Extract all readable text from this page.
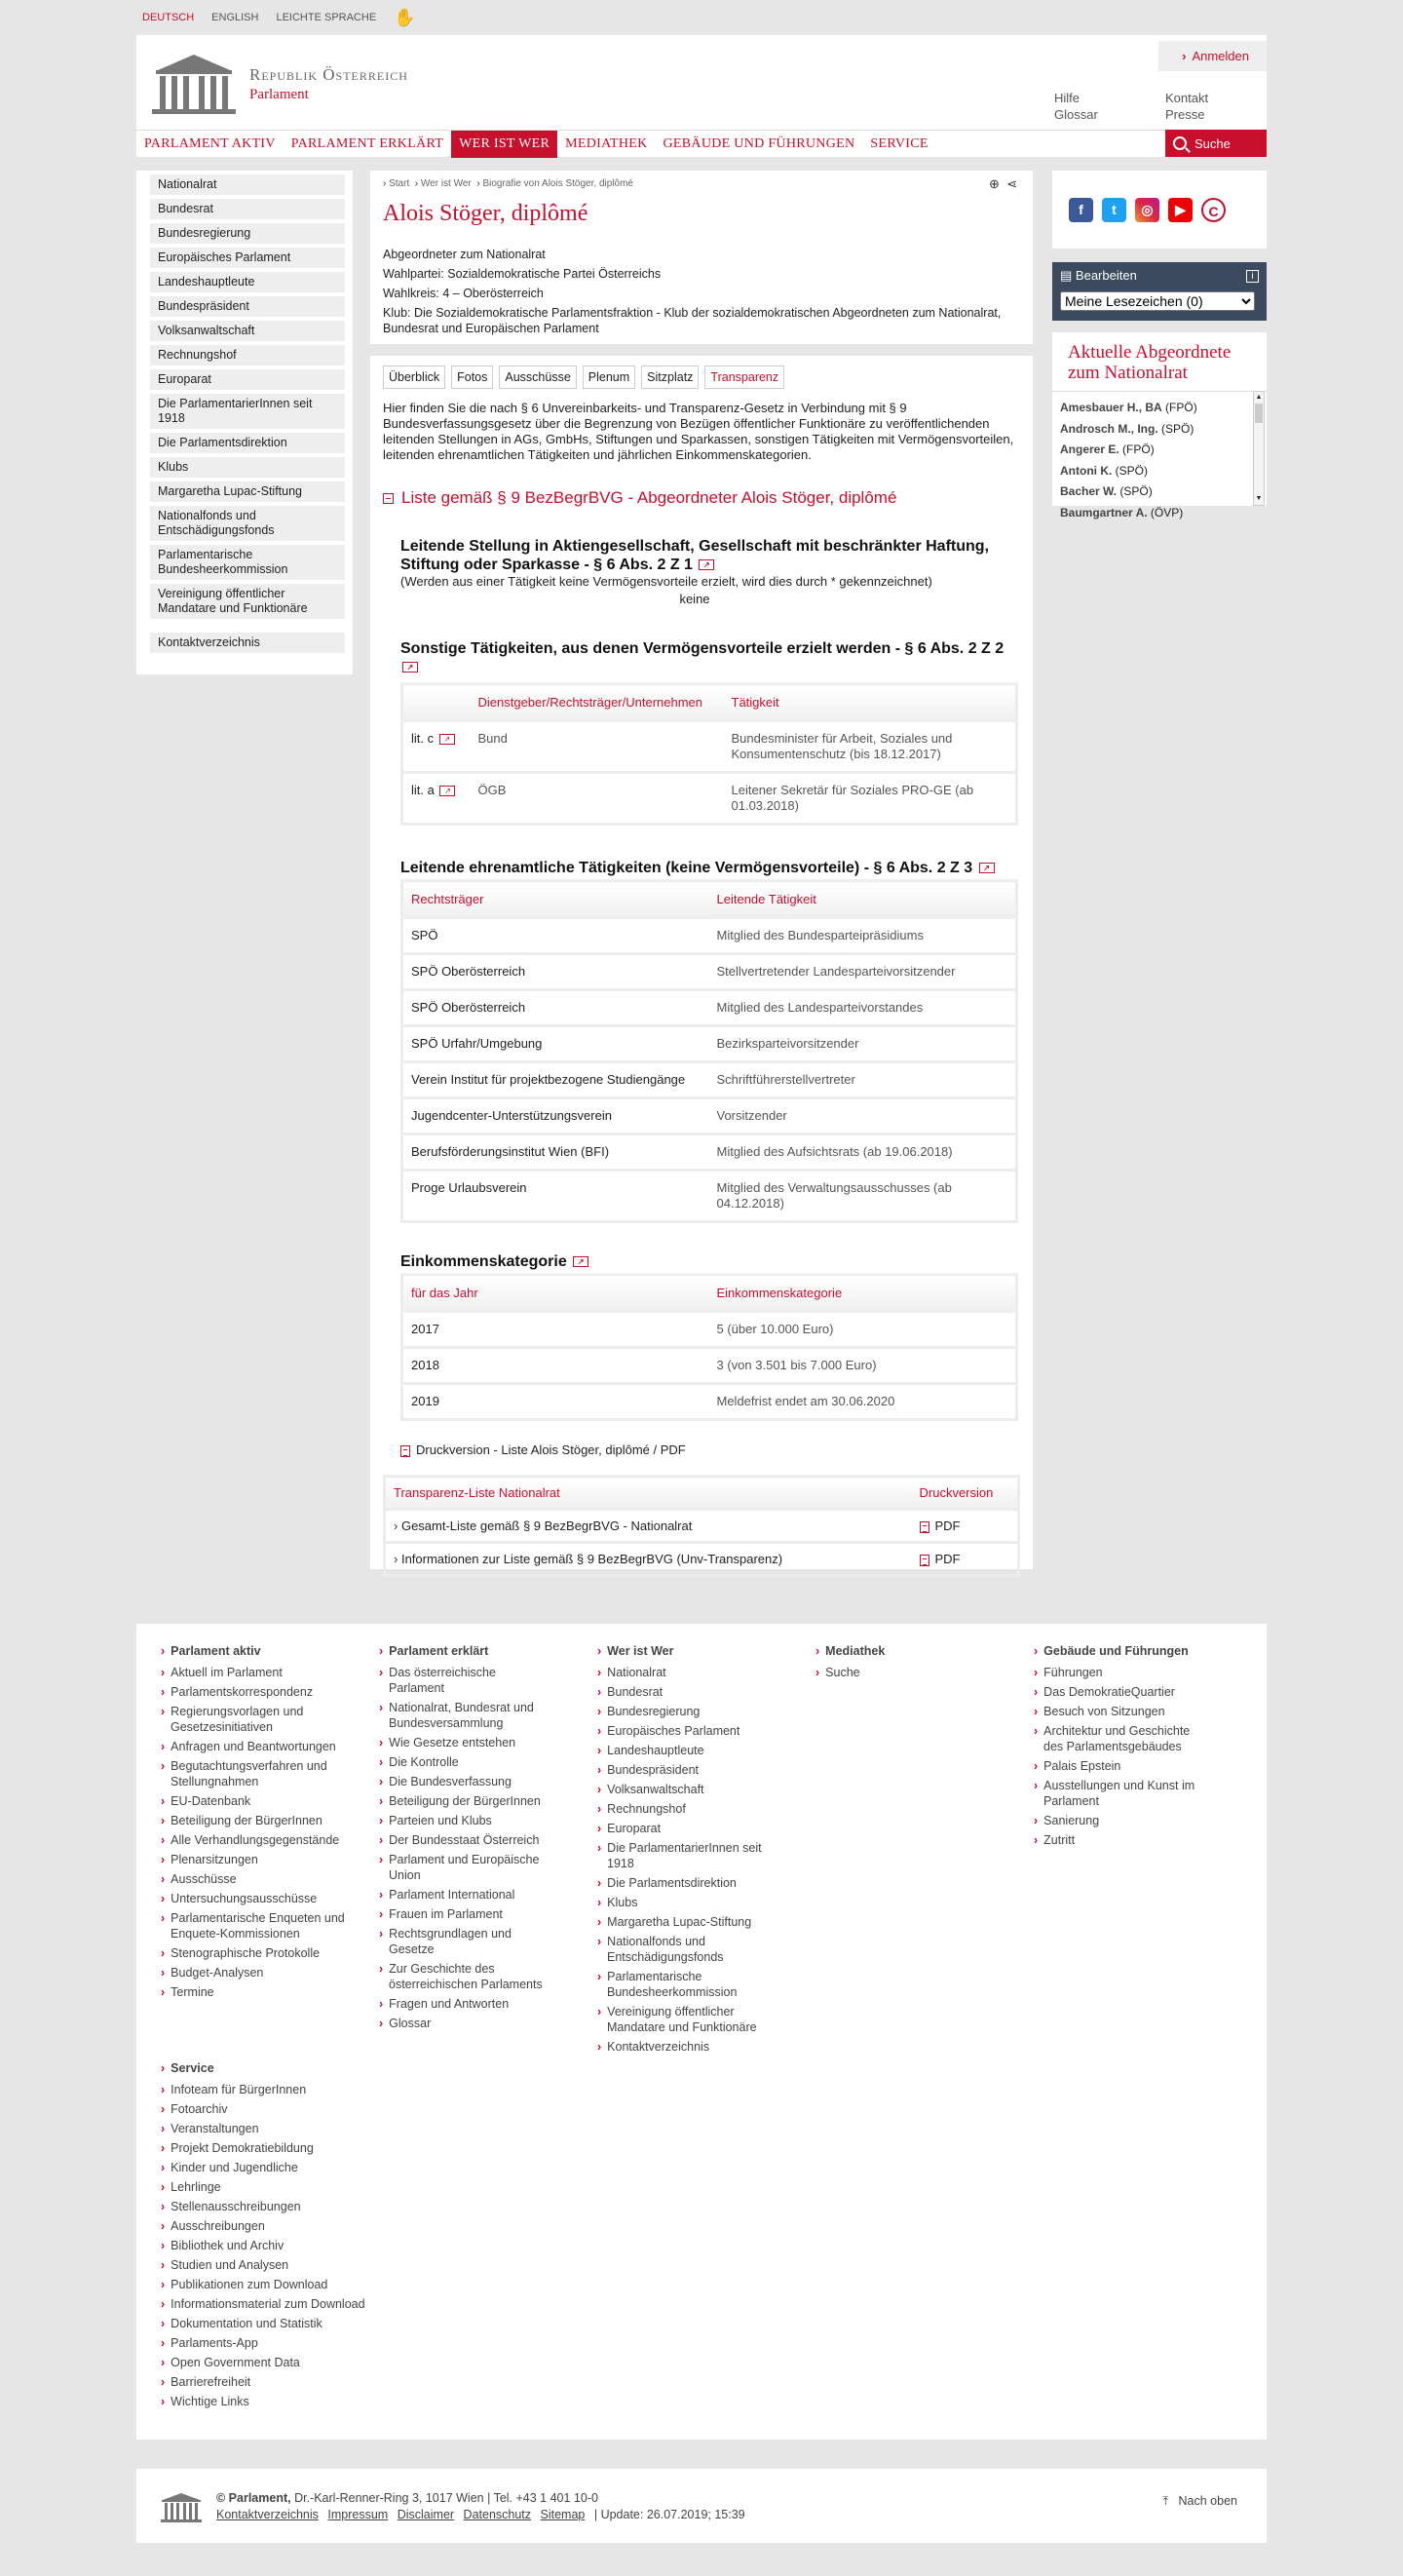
DEUTSCH ENGLISH LEICHTE SPRACHE ✋
Republik Österreich
Parlament
› Anmelden
Hilfe
Glossar
Kontakt
Presse
PARLAMENT AKTIV	PARLAMENT ERKLÄRT	WER IST WER	MEDIATHEK	GEBÄUDE UND FÜHRUNGEN	SERVICE	Suche
Nationalrat
Bundesrat
Bundesregierung
Europäisches Parlament
Landeshauptleute
Bundespräsident
Volksanwaltschaft
Rechnungshof
Europarat
Die ParlamentarierInnen seit 1918
Die Parlamentsdirektion
Klubs
Margaretha Lupac-Stiftung
Nationalfonds und Entschädigungsfonds
Parlamentarische Bundesheerkommission
Vereinigung öffentlicher Mandatare und Funktionäre
Kontaktverzeichnis
› Start › Wer ist Wer › Biografie von Alois Stöger, diplômé	⊕ ⋖
Alois Stöger, diplômé

Abgeordneter zum Nationalrat

Wahlpartei: Sozialdemokratische Partei Österreichs

Wahlkreis: 4 – Oberösterreich

Klub: Die Sozialdemokratische Parlamentsfraktion - Klub der sozialdemokratischen Abgeordneten zum Nationalrat, Bundesrat und Europäischen Parlament

Überblick	Fotos	Ausschüsse	Plenum	Sitzplatz	Transparenz

Hier finden Sie die nach § 6 Unvereinbarkeits- und Transparenz-Gesetz in Verbindung mit § 9 Bundesverfassungsgesetz über die Begrenzung von Bezügen öffentlicher Funktionäre zu veröffentlichenden leitenden Stellungen in AGs, GmbHs, Stiftungen und Sparkassen, sonstigen Tätigkeiten mit Vermögensvorteilen, leitenden ehrenamtlichen Tätigkeiten und jährlichen Einkommenskategorien.

Liste gemäß § 9 BezBegrBVG - Abgeordneter Alois Stöger, diplômé
Leitende Stellung in Aktiengesellschaft, Gesellschaft mit beschränkter Haftung, Stiftung oder Sparkasse - § 6 Abs. 2 Z 1 ↗
(Werden aus einer Tätigkeit keine Vermögensvorteile erzielt, wird dies durch * gekennzeichnet)
keine
Sonstige Tätigkeiten, aus denen Vermögensvorteile erzielt werden - § 6 Abs. 2 Z 2 ↗
	Dienstgeber/Rechtsträger/Unternehmen	Tätigkeit
lit. c ↗	Bund	Bundesminister für Arbeit, Soziales und Konsumentenschutz (bis 18.12.2017)
lit. a ↗	ÖGB	Leitener Sekretär für Soziales PRO-GE (ab 01.03.2018)
Leitende ehrenamtliche Tätigkeiten (keine Vermögensvorteile) - § 6 Abs. 2 Z 3 ↗
Rechtsträger	Leitende Tätigkeit
SPÖ	Mitglied des Bundesparteipräsidiums
SPÖ Oberösterreich	Stellvertretender Landesparteivorsitzender
SPÖ Oberösterreich	Mitglied des Landesparteivorstandes
SPÖ Urfahr/Umgebung	Bezirksparteivorsitzender
Verein Institut für projektbezogene Studiengänge	Schriftführerstellvertreter
Jugendcenter-Unterstützungsverein	Vorsitzender
Berufsförderungsinstitut Wien (BFI)	Mitglied des Aufsichtsrats (ab 19.06.2018)
Proge Urlaubsverein	Mitglied des Verwaltungsausschusses (ab 04.12.2018)
Einkommenskategorie ↗
für das Jahr	Einkommenskategorie
2017	5 (über 10.000 Euro)
2018	3 (von 3.501 bis 7.000 Euro)
2019	Meldefrist endet am 30.06.2020
Druckversion - Liste Alois Stöger, diplômé / PDF
Transparenz-Liste Nationalrat	Druckversion
› Gesamt-Liste gemäß § 9 BezBegrBVG - Nationalrat	PDF
› Informationen zur Liste gemäß § 9 BezBegrBVG (Unv-Transparenz)	PDF
f	t	◎	▶	C
▤ Bearbeiten	i
Meine Lesezeichen (0)
Aktuelle Abgeordnete zum Nationalrat
Amesbauer H., BA (FPÖ)
Androsch M., Ing. (SPÖ)
Angerer E. (FPÖ)
Antoni K. (SPÖ)
Bacher W. (SPÖ)
Baumgartner A. (ÖVP)
▲
▼
› Parlament aktiv
› Aktuell im Parlament
› Parlamentskorrespondenz
› Regierungsvorlagen und Gesetzesinitiativen
› Anfragen und Beantwortungen
› Begutachtungsverfahren und Stellungnahmen
› EU-Datenbank
› Beteiligung der BürgerInnen
› Alle Verhandlungsgegenstände
› Plenarsitzungen
› Ausschüsse
› Untersuchungsausschüsse
› Parlamentarische Enqueten und Enquete-Kommissionen
› Stenographische Protokolle
› Budget-Analysen
› Termine
› Parlament erklärt
› Das österreichische Parlament
› Nationalrat, Bundesrat und Bundesversammlung
› Wie Gesetze entstehen
› Die Kontrolle
› Die Bundesverfassung
› Beteiligung der BürgerInnen
› Parteien und Klubs
› Der Bundesstaat Österreich
› Parlament und Europäische Union
› Parlament International
› Frauen im Parlament
› Rechtsgrundlagen und Gesetze
› Zur Geschichte des österreichischen Parlaments
› Fragen und Antworten
› Glossar
› Wer ist Wer
› Nationalrat
› Bundesrat
› Bundesregierung
› Europäisches Parlament
› Landeshauptleute
› Bundespräsident
› Volksanwaltschaft
› Rechnungshof
› Europarat
› Die ParlamentarierInnen seit 1918
› Die Parlamentsdirektion
› Klubs
› Margaretha Lupac-Stiftung
› Nationalfonds und Entschädigungsfonds
› Parlamentarische Bundesheerkommission
› Vereinigung öffentlicher Mandatare und Funktionäre
› Kontaktverzeichnis
› Mediathek
› Suche
› Gebäude und Führungen
› Führungen
› Das DemokratieQuartier
› Besuch von Sitzungen
› Architektur und Geschichte des Parlamentsgebäudes
› Palais Epstein
› Ausstellungen und Kunst im Parlament
› Sanierung
› Zutritt
› Service
› Infoteam für BürgerInnen
› Fotoarchiv
› Veranstaltungen
› Projekt Demokratiebildung
› Kinder und Jugendliche
› Lehrlinge
› Stellenausschreibungen
› Ausschreibungen
› Bibliothek und Archiv
› Studien und Analysen
› Publikationen zum Download
› Informationsmaterial zum Download
› Dokumentation und Statistik
› Parlaments-App
› Open Government Data
› Barrierefreiheit
› Wichtige Links
© Parlament, Dr.-Karl-Renner-Ring 3, 1017 Wien | Tel. +43 1 401 10-0
Kontaktverzeichnis Impressum Disclaimer Datenschutz Sitemap | Update: 26.07.2019; 15:39
⤒ Nach oben
